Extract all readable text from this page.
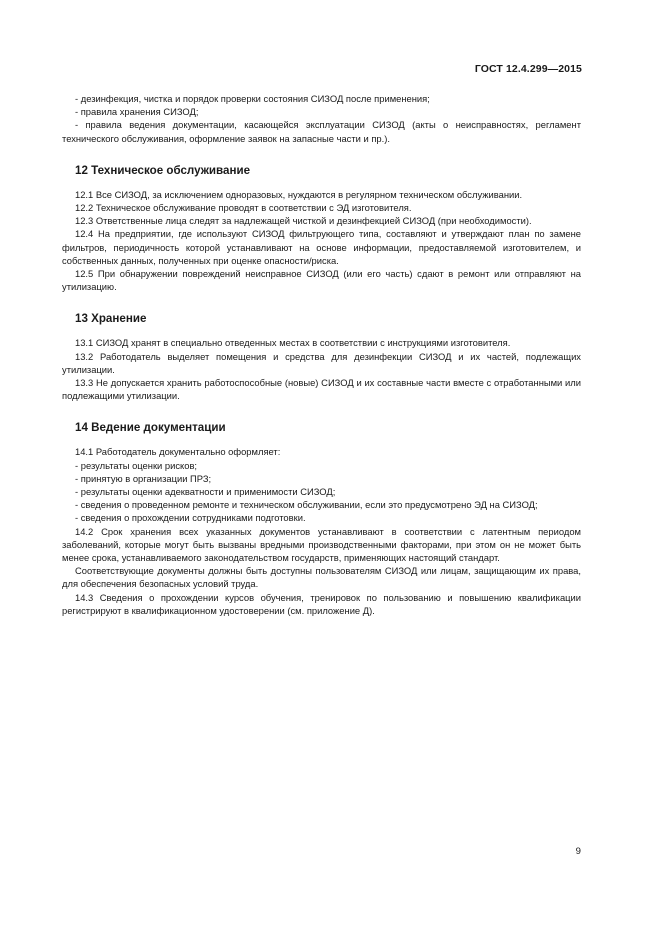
ГОСТ 12.4.299—2015

- дезинфекция, чистка и порядок проверки состояния СИЗОД после применения;

- правила хранения СИЗОД;

- правила ведения документации, касающейся эксплуатации СИЗОД (акты о неисправностях, регламент технического обслуживания, оформление заявок на запасные части и пр.).

12 Техническое обслуживание

12.1 Все СИЗОД, за исключением одноразовых, нуждаются в регулярном техническом обслуживании.

12.2 Техническое обслуживание проводят в соответствии с ЭД изготовителя.

12.3 Ответственные лица следят за надлежащей чисткой и дезинфекцией СИЗОД (при необходимости).

12.4 На предприятии, где используют СИЗОД фильтрующего типа, составляют и утверждают план по замене фильтров, периодичность которой устанавливают на основе информации, предоставляемой изготовителем, и собственных данных, полученных при оценке опасности/риска.

12.5 При обнаружении повреждений неисправное СИЗОД (или его часть) сдают в ремонт или отправляют на утилизацию.

13 Хранение

13.1 СИЗОД хранят в специально отведенных местах в соответствии с инструкциями изготовителя.

13.2 Работодатель выделяет помещения и средства для дезинфекции СИЗОД и их частей, подлежащих утилизации.

13.3 Не допускается хранить работоспособные (новые) СИЗОД и их составные части вместе с отработанными или подлежащими утилизации.

14 Ведение документации

14.1 Работодатель документально оформляет:

- результаты оценки рисков;

- принятую в организации ПРЗ;

- результаты оценки адекватности и применимости СИЗОД;

- сведения о проведенном ремонте и техническом обслуживании, если это предусмотрено ЭД на СИЗОД;

- сведения о прохождении сотрудниками подготовки.

14.2 Срок хранения всех указанных документов устанавливают в соответствии с латентным периодом заболеваний, которые могут быть вызваны вредными производственными факторами, при этом он не может быть менее срока, устанавливаемого законодательством государств, применяющих настоящий стандарт.

Соответствующие документы должны быть доступны пользователям СИЗОД или лицам, защищающим их права, для обеспечения безопасных условий труда.

14.3 Сведения о прохождении курсов обучения, тренировок по пользованию и повышению квалификации регистрируют в квалификационном удостоверении (см. приложение Д).

9
